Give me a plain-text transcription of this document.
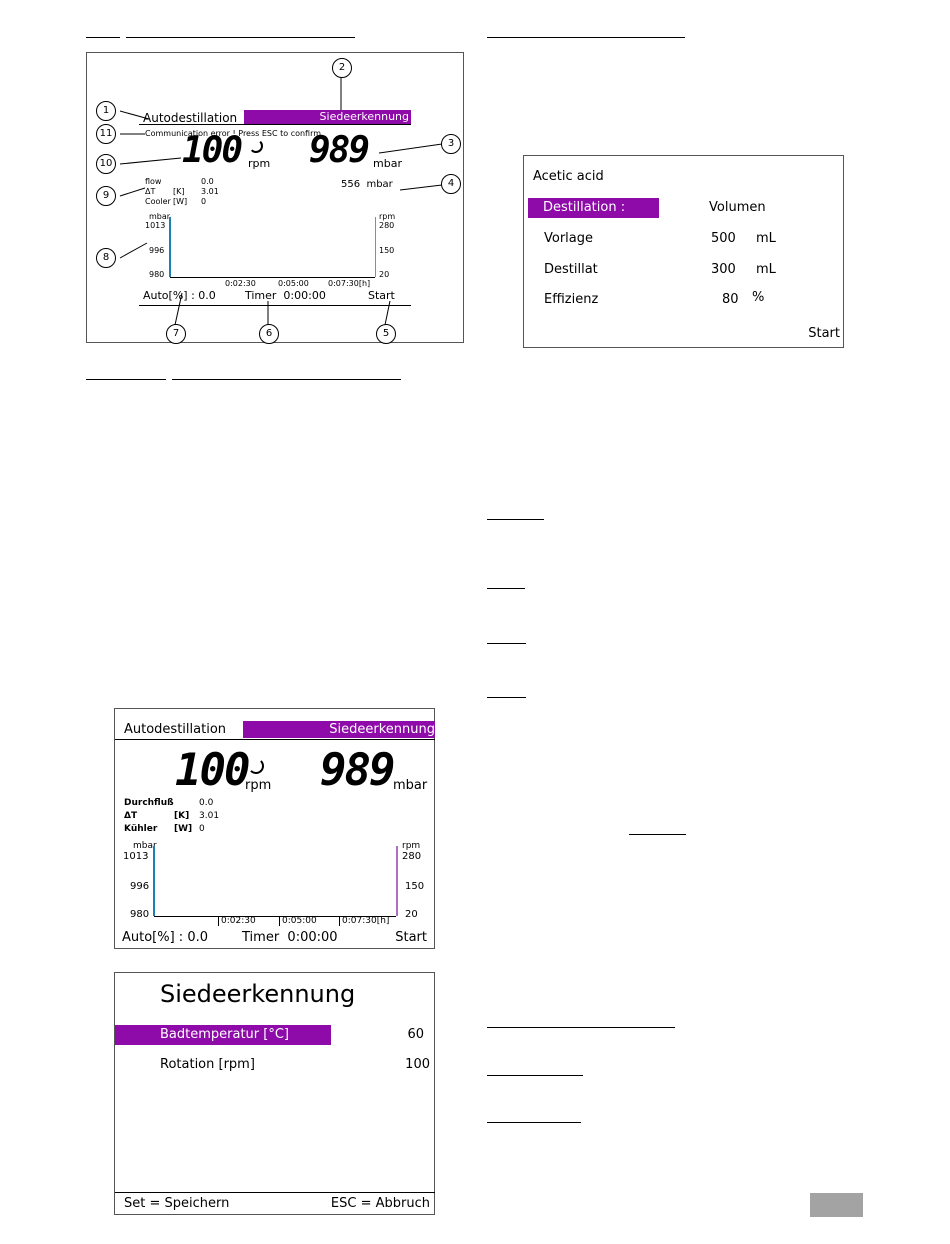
Autodestillation	Siedeerkennung
Communication error ! Press ESC to confirm
100 rpm 989 mbar
556 mbar
flow	0.0
ΔT [K] 3.01
Cooler [W] 0
mbar
1013
996
980
rpm
280
150
20
0:02:30	0:05:00 0:07:30[h]
Auto[%] : 0.0	Timer  0:00:00	Start
1
2
3
4
5
6
7
8
9
10
11
Acetic acid
Destillation :	Volumen
Vorlage	500 mL
Destillat	300 mL
Effizienz	80 %
Start
Autodestillation	Siedeerkennung
100
rpm 989 mbar
Durchfluß	0.0
ΔT	[K] 3.01
Kühler [W] 0
mbar
1013
996
980
rpm
280
150
20
0:02:30	0:05:00	0:07:30[h]
Auto[%] : 0.0	Timer  0:00:00	Start
Siedeerkennung
Badtemperatur [°C]	60
Rotation [rpm]	100
Set = Speichern	ESC = Abbruch
